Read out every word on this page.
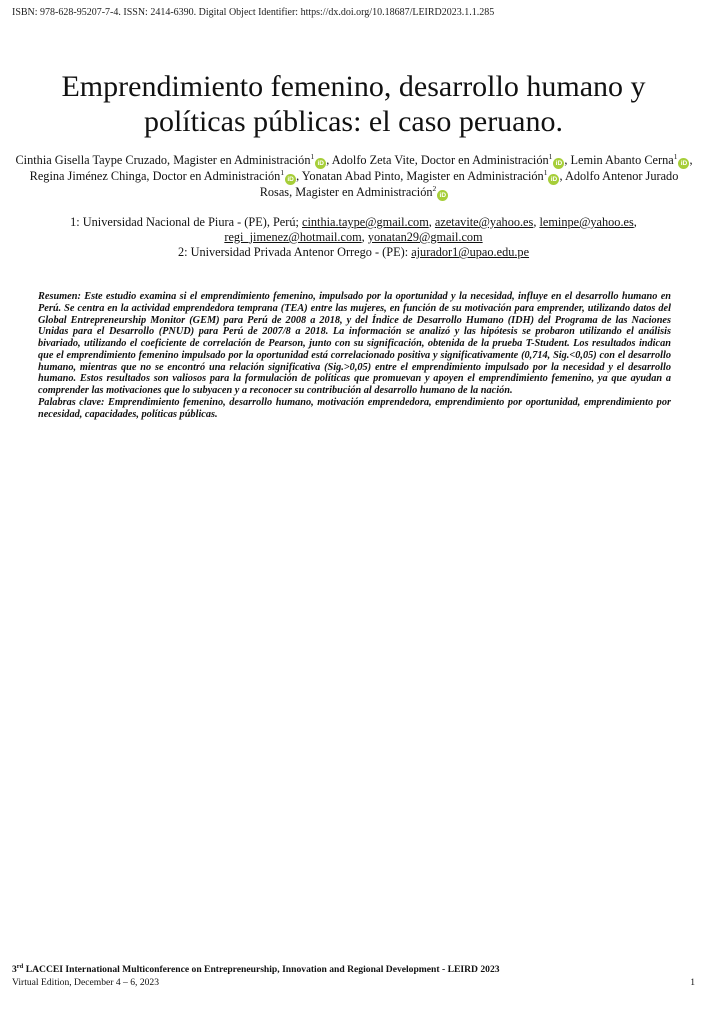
ISBN: 978-628-95207-7-4. ISSN: 2414-6390. Digital Object Identifier: https://dx.doi.org/10.18687/LEIRD2023.1.1.285
Emprendimiento femenino, desarrollo humano y
políticas públicas: el caso peruano.
Cinthia Gisella Taype Cruzado, Magister en Administración$^1$iD , Adolfo Zeta Vite, Doctor en Administración$^1$iD , Lemin Abanto Cerna$^1$iD , Regina Jiménez Chinga, Doctor en Administración$^1$iD , Yonatan Abad Pinto, Magister en Administración$^1$iD , Adolfo Antenor Jurado Rosas, Magister en Administración$^2$iD
1: Universidad Nacional de Piura - (PE), Perú; cinthia.taype@gmail.com, azetavite@yahoo.es, leminpe@yahoo.es, regi_jimenez@hotmail.com, yonatan29@gmail.com
2: Universidad Privada Antenor Orrego - (PE): ajurador1@upao.edu.pe

Resumen: Este estudio examina si el emprendimiento femenino, impulsado por la oportunidad y la necesidad, influye en el desarrollo humano en Perú. Se centra en la actividad emprendedora temprana (TEA) entre las mujeres, en función de su motivación para emprender, utilizando datos del Global Entrepreneurship Monitor (GEM) para Perú de 2008 a 2018, y del Índice de Desarrollo Humano (IDH) del Programa de las Naciones Unidas para el Desarrollo (PNUD) para Perú de 2007/8 a 2018. La información se analizó y las hipótesis se probaron utilizando el análisis bivariado, utilizando el coeficiente de correlación de Pearson, junto con su significación, obtenida de la prueba T-Student. Los resultados indican que el emprendimiento femenino impulsado por la oportunidad está correlacionado positiva y significativamente (0,714, Sig.<0,05) con el desarrollo humano, mientras que no se encontró una relación significativa (Sig.>0,05) entre el emprendimiento impulsado por la necesidad y el desarrollo humano. Estos resultados son valiosos para la formulación de políticas que promuevan y apoyen el emprendimiento femenino, ya que ayudan a comprender las motivaciones que lo subyacen y a reconocer su contribución al desarrollo humano de la nación.

Palabras clave: Emprendimiento femenino, desarrollo humano, motivación emprendedora, emprendimiento por oportunidad, emprendimiento por necesidad, capacidades, políticas públicas.

3rd LACCEI International Multiconference on Entrepreneurship, Innovation and Regional Development - LEIRD 2023
Virtual Edition, December 4 – 6, 2023	1
